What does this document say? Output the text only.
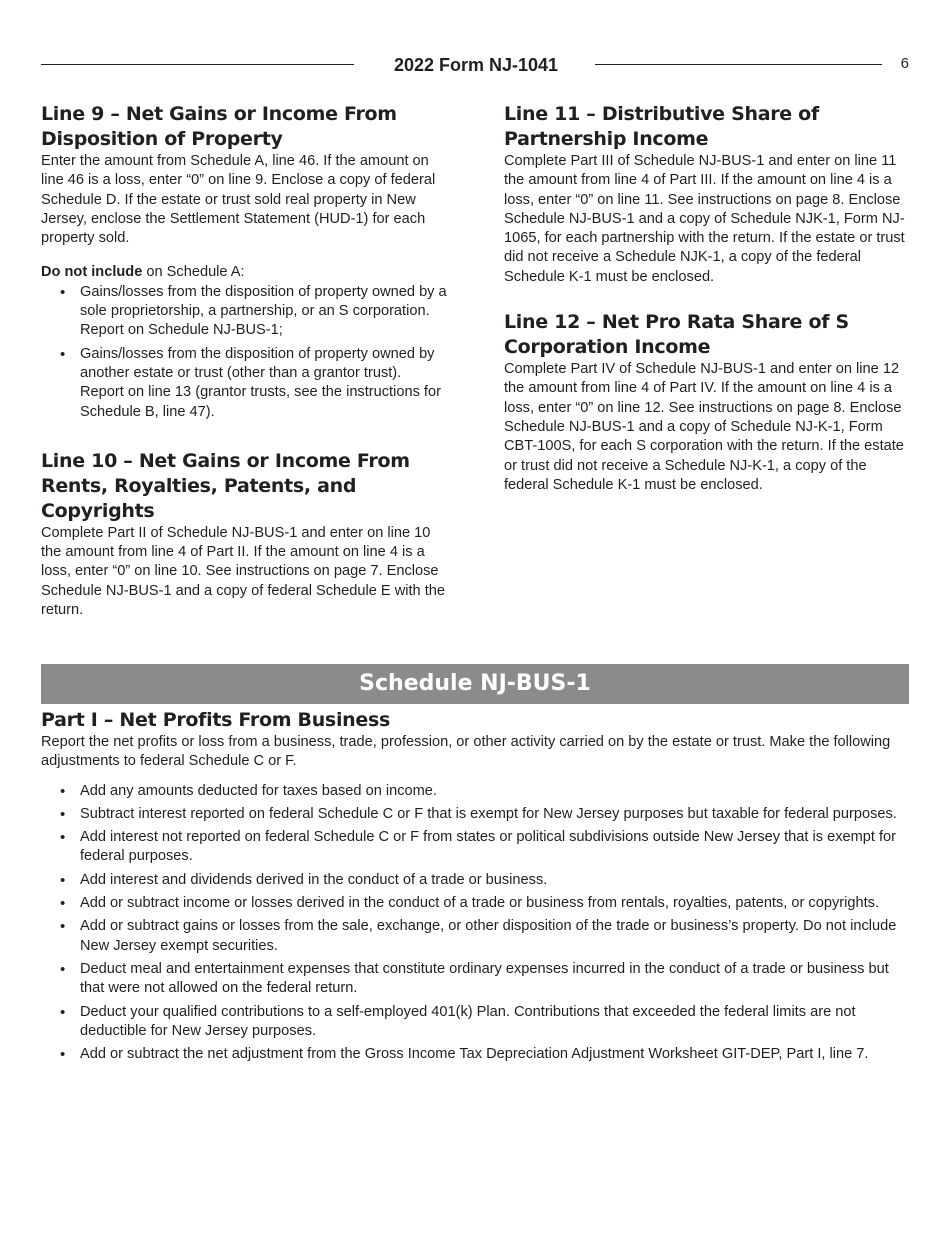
2022 Form NJ-1041	6
Line 9 – Net Gains or Income From Disposition of Property

Enter the amount from Schedule A, line 46. If the amount on line 46 is a loss, enter “0” on line 9. Enclose a copy of federal Schedule D. If the estate or trust sold real property in New Jersey, enclose the Settlement Statement (HUD-1) for each property sold.

Do not include on Schedule A:

• Gains/losses from the disposition of property owned by a sole proprietorship, a partnership, or an S corporation. Report on Schedule NJ-BUS-1;
• Gains/losses from the disposition of property owned by another estate or trust (other than a grantor trust). Report on line 13 (grantor trusts, see the instructions for Schedule B, line 47).
Line 10 – Net Gains or Income From Rents, Royalties, Patents, and Copyrights

Complete Part II of Schedule NJ-BUS-1 and enter on line 10 the amount from line 4 of Part II. If the amount on line 4 is a loss, enter “0” on line 10. See instructions on page 7. Enclose Schedule NJ-BUS-1 and a copy of federal Schedule E with the return.

Line 11 – Distributive Share of Partnership Income

Complete Part III of Schedule NJ-BUS-1 and enter on line 11 the amount from line 4 of Part III. If the amount on line 4 is a loss, enter “0” on line 11. See instructions on page 8. Enclose Schedule NJ-BUS-1 and a copy of Schedule NJK-1, Form NJ-1065, for each partnership with the return. If the estate or trust did not receive a Schedule NJK-1, a copy of the federal Schedule K-1 must be enclosed.

Line 12 – Net Pro Rata Share of S Corporation Income

Complete Part IV of Schedule NJ-BUS-1 and enter on line 12 the amount from line 4 of Part IV. If the amount on line 4 is a loss, enter “0” on line 12. See instructions on page 8. Enclose Schedule NJ-BUS-1 and a copy of Schedule NJ-K-1, Form CBT-100S, for each S corporation with the return. If the estate or trust did not receive a Schedule NJ-K-1, a copy of the federal Schedule K-1 must be enclosed.

Schedule NJ-BUS-1
Part I – Net Profits From Business

Report the net profits or loss from a business, trade, profession, or other activity carried on by the estate or trust. Make the following adjustments to federal Schedule C or F.

• Add any amounts deducted for taxes based on income.
• Subtract interest reported on federal Schedule C or F that is exempt for New Jersey purposes but taxable for federal purposes.
• Add interest not reported on federal Schedule C or F from states or political subdivisions outside New Jersey that is exempt for federal purposes.
• Add interest and dividends derived in the conduct of a trade or business.
• Add or subtract income or losses derived in the conduct of a trade or business from rentals, royalties, patents, or copyrights.
• Add or subtract gains or losses from the sale, exchange, or other disposition of the trade or business’s property. Do not include New Jersey exempt securities.
• Deduct meal and entertainment expenses that constitute ordinary expenses incurred in the conduct of a trade or business but that were not allowed on the federal return.
• Deduct your qualified contributions to a self-employed 401(k) Plan. Contributions that exceeded the federal limits are not deductible for New Jersey purposes.
• Add or subtract the net adjustment from the Gross Income Tax Depreciation Adjustment Worksheet GIT-DEP, Part I, line 7.
